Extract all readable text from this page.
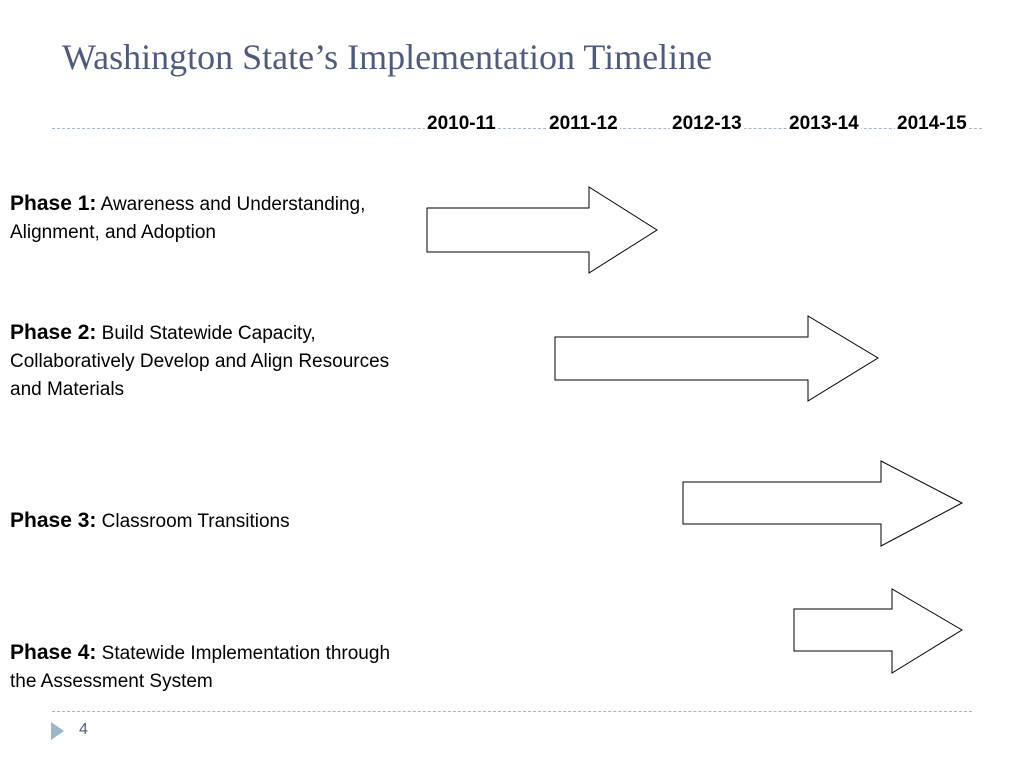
Washington State’s Implementation Timeline
2010-11	2011-12	2012-13 2013-14 2014-15
Phase 1: Awareness and Understanding, Alignment, and Adoption
Phase 2: Build Statewide Capacity, Collaboratively Develop and Align Resources and Materials
Phase 3: Classroom Transitions
Phase 4: Statewide Implementation through the Assessment System
4
